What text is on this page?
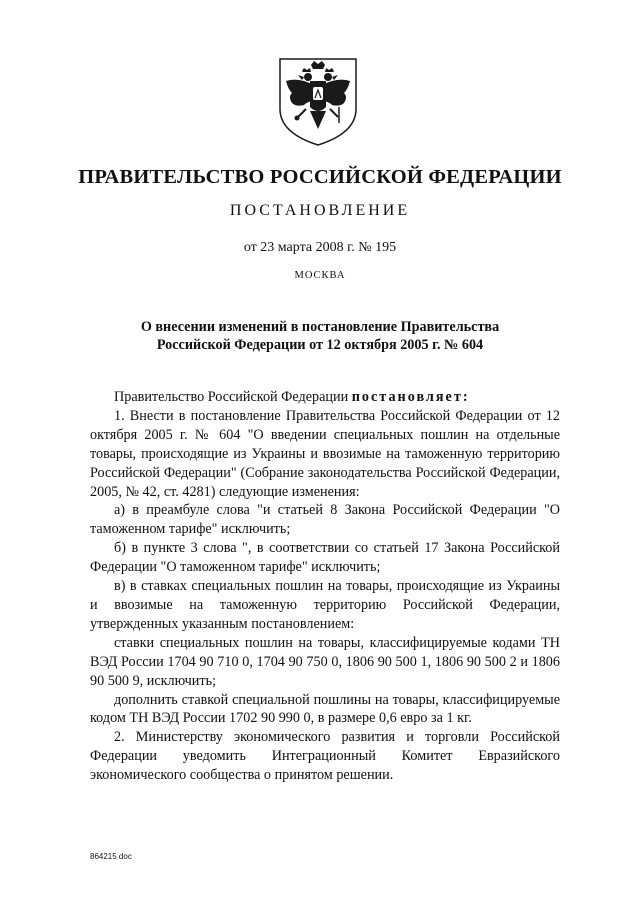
ПРАВИТЕЛЬСТВО РОССИЙСКОЙ ФЕДЕРАЦИИ
ПОСТАНОВЛЕНИЕ
от 23 марта 2008 г. № 195
МОСКВА
О внесении изменений в постановление Правительства
Российской Федерации от 12 октября 2005 г. № 604

Правительство Российской Федерации постановляет:

1. Внести в постановление Правительства Российской Федерации от 12 октября 2005 г. № 604 "О введении специальных пошлин на отдельные товары, происходящие из Украины и ввозимые на таможенную территорию Российской Федерации" (Собрание законодательства Российской Федерации, 2005, № 42, ст. 4281) следующие изменения:

а) в преамбуле слова "и статьей 8 Закона Российской Федерации "О таможенном тарифе" исключить;

б) в пункте 3 слова ", в соответствии со статьей 17 Закона Российской Федерации "О таможенном тарифе" исключить;

в) в ставках специальных пошлин на товары, происходящие из Украины и ввозимые на таможенную территорию Российской Федерации, утвержденных указанным постановлением:

ставки специальных пошлин на товары, классифицируемые кодами ТН ВЭД России 1704 90 710 0, 1704 90 750 0, 1806 90 500 1, 1806 90 500 2 и 1806 90 500 9, исключить;

дополнить ставкой специальной пошлины на товары, классифицируемые кодом ТН ВЭД России 1702 90 990 0, в размере 0,6 евро за 1 кг.

2. Министерству экономического развития и торговли Российской Федерации уведомить Интеграционный Комитет Евразийского экономического сообщества о принятом решении.

864215 doc
